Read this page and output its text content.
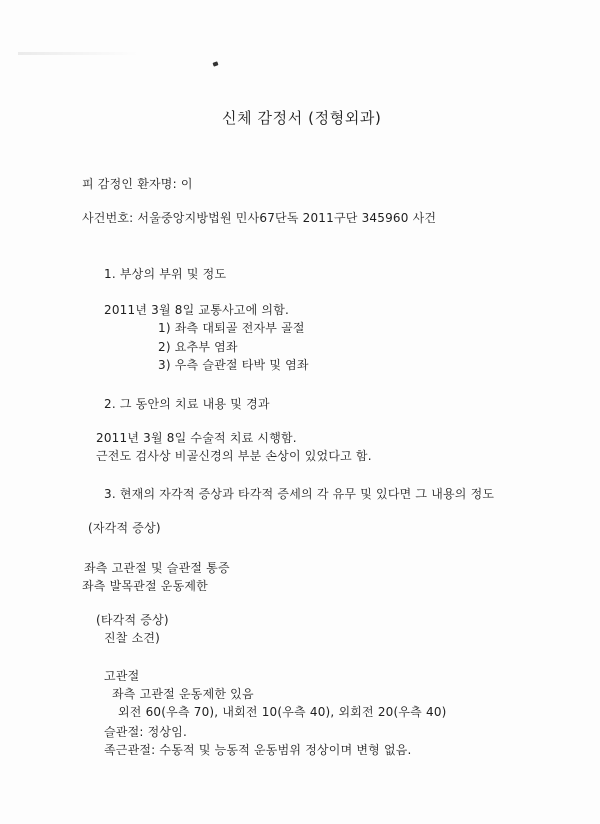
신체 감정서 (정형외과)
피 감정인 환자명: 이
사건번호: 서울중앙지방법원 민사67단독 2011구단 345960 사건
1. 부상의 부위 및 정도
2011년 3월 8일 교통사고에 의함.
1) 좌측 대퇴골 전자부 골절
2) 요추부 염좌
3) 우측 슬관절 타박 및 염좌
2. 그 동안의 치료 내용 및 경과
2011년 3월 8일 수술적 치료 시행함.
근전도 검사상 비골신경의 부분 손상이 있었다고 함.
3. 현재의 자각적 증상과 타각적 증세의 각 유무 및 있다면 그 내용의 정도
(자각적 증상)
좌측 고관절 및 슬관절 통증
좌측 발목관절 운동제한
(타각적 증상)
진찰 소견)
고관절
좌측 고관절 운동제한 있음
외전 60(우측 70), 내회전 10(우측 40), 외회전 20(우측 40)
슬관절: 정상임.
족근관절: 수동적 및 능동적 운동범위 정상이며 변형 없음.
